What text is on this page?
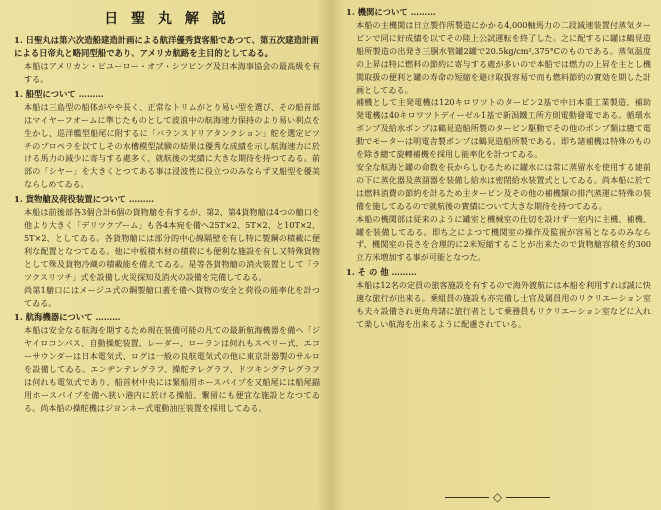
日 聖 丸 解 説
1. 日聖丸は第六次造船建造計画による航洋優秀貨客船であつて、第五次建造計画による日帝丸と略同型船であり、アメリカ航路を主目的としてゐる。

本船はアメリカン・ビユーロー・オブ・シツピング及日本海事協会の最高級を有する。

1. 船型について ………

本船は三島型の船体がやや長く、正常なトリムがとり易い型を選び、その船首部はマイヤーフオームに準じたものとして波浪中の航海速力保持のより易い利点を生かし、巡洋艦型船尾に附するに「バランスドリアタンクション」舵を選定ピツチのプロペラを以てしその水槽模型試験の結果は優秀な成績を示し航海速力に於ける馬力の減少に寄与する處多く、就航後の実績に大きな期待を持つてゐる。前部の「シヤー」を大きくとつてある事は浸波性に役立つのみならず又船型を優美ならしめてゐる。

1. 貨物艙及荷役装置について ………

本船は前後部各3個合計6個の貨物艙を有するが、第2、第4貨物艙は4つの艙口を他より大きく「デリツクブーム」も各4本宛を備へ25T×2、5T×2、と10T×2、5T×2、としてゐる。各貨物艙には部分的中心線隔壁を有し特に製鋼の積載に便利な配置となつてゐる。他に中板積木材の積荷にも便利な施設を有し又特殊貨物として殊及貨物冷蔵の積載能を備えてゐる。是等各貨物艙の消火装置として「ラツクスリツチ」式を設備し火災探知及消火の設備を完備してゐる。

尚第1艙口にはメージユ式の鋼製艙口蓋を備へ貨物の安全と荷役の能率化を計つてゐる。

1. 航海機器について ………

本船は安全なる航海を期するため現在装備可能の凡ての最新航海機器を備へ「ジヤイロコンパス、自動操舵装置、レーダー、ローランは何れもスペリー式、エコーサウンダーは日本電気式、ログは一般の良航電気式の他に東京計器製のサルロを設備してゐる。エンヂンテレグラフ、操舵テレグラフ、ドツキングテレグラフは何れも電気式であり、船首材中央には緊船用ホースパイプを又船尾には船尾錨用ホースパイプを備へ狭い港内に於ける操船、繋留にも便宜な施設となつてゐる。尚本船の操舵機はジヨンネー式電動油圧装置を採用してゐる。

1. 機関について ………

本船の主機関は日立製作所製造にかかる4,000軸馬力の二段減速装置付蒸気タービンで同に好成績を以てその陸上公試運転を終了した。之に配するに罐は鶴見造船所製造の出発き三胴水管罐2罐で20.5kg/cm²,375°Cのものである。蒸気温度の上昇は特に燃料の節約に寄与する處が多いので本船では燃力の上昇を主とし機関取扱の便利と罐の寿命の短縮を避け取扱容易で而も燃料節約の實効を期した計画としてゐる。

補機として主発電機は120キロワツトのタービン2基で中日本重工業製造、補助発電機は40キロワツトデイーゼル1基で新潟鐵工所方則電動發電である。循環水ポンプ及給水ポンプは鶴見造船所製のタービン駆動でその他のポンプ類は總て電動でモーターは明電舎製ポンプは鶴見造船所製である。即ち諸補機は特殊のものを除き總て旋轉補機を採用し能率化を計つてゐる。

安全な航海と罐の命数を長からしむるために罐水には常に蒸留水を使用する建前の下に蒸化器及蒸溜器を装備し給水は密閉給水装置式としてゐる。尚本船に於ては燃料消費の節約を計るため主タービン及その他の補機類の排汽蒸運に特殊の装備を施してゐるので就航後の實績について大きな期待を持つてゐる。

本船の機関部は従来のように罐室と機械室の仕切を設けず一室内に主機、補機、罐を装備してゐる。即ち之によつて機関室の操作及監視が容易となるのみならず、機関室の長さを合理的に2米短縮することが出来たので貨物艙容積を約300立方米増加する事が可能となつた。

1. そ の 他 ………

本船は12名の定員の旅客施設を有するので海外渡航には本船を利用すれば誠に快適な旅行が出来る。乗組員の施設も亦完備し士官及属員用のリクリエーション室も夫々設備され更角舟諸に旅行者として乗務員もリクリエーション室などに入れて楽しい航海を出来るように配慮されている。

◇
